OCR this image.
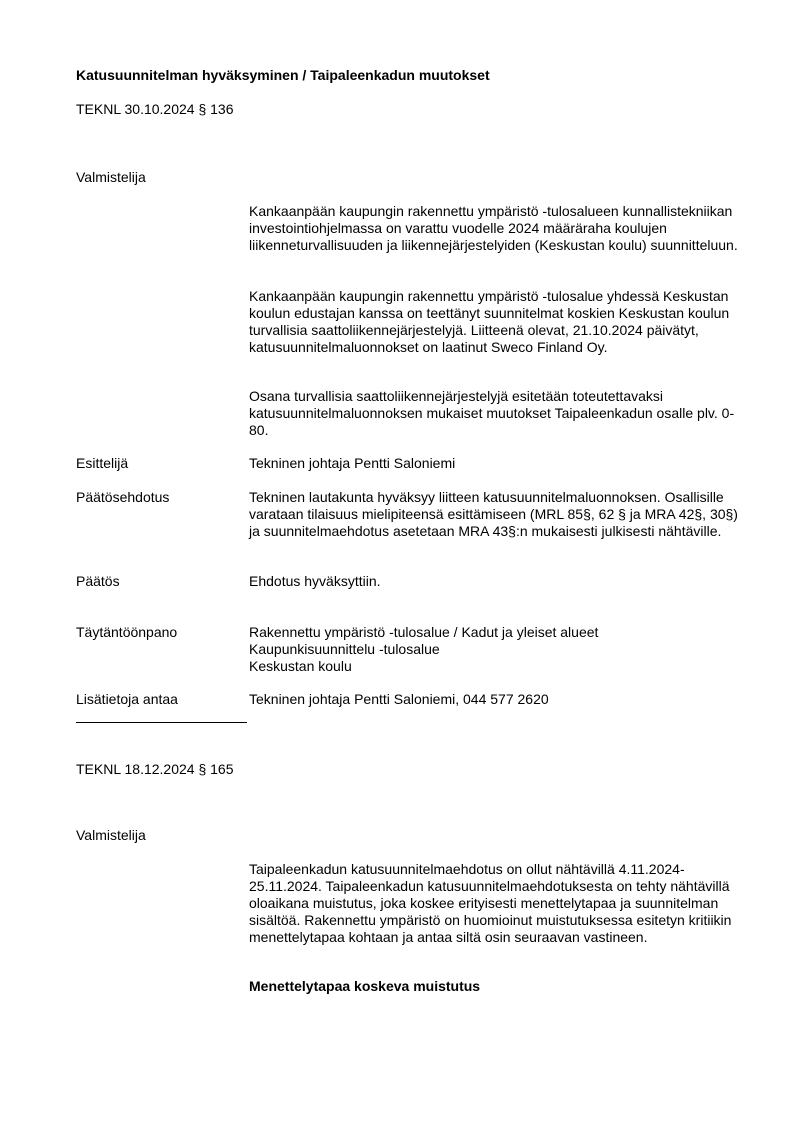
Katusuunnitelman hyväksyminen / Taipaleenkadun muutokset
TEKNL 30.10.2024 § 136
Valmistelija

Kankaanpään kaupungin rakennettu ympäristö -tulosalueen kunnallistekniikan investointiohjelmassa on varattu vuodelle 2024 määräraha koulujen liikenneturvallisuuden ja liikennejärjestelyiden (Keskustan koulu) suunnitteluun.

Kankaanpään kaupungin rakennettu ympäristö -tulosalue yhdessä Keskustan koulun edustajan kanssa on teettänyt suunnitelmat koskien Keskustan koulun turvallisia saattoliikennejärjestelyjä. Liitteenä olevat, 21.10.2024 päivätyt, katusuunnitelmaluonnokset on laatinut Sweco Finland Oy.

Osana turvallisia saattoliikennejärjestelyjä esitetään toteutettavaksi katusuunnitelmaluonnoksen mukaiset muutokset Taipaleenkadun osalle plv. 0-80.

Esittelijä	Tekninen johtaja Pentti Saloniemi
Päätösehdotus	Tekninen lautakunta hyväksyy liitteen katusuunnitelmaluonnoksen. Osallisille varataan tilaisuus mielipiteensä esittämiseen (MRL 85§, 62 § ja MRA 42§, 30§) ja suunnitelmaehdotus asetetaan MRA 43§:n mukaisesti julkisesti nähtäville.
Päätös	Ehdotus hyväksyttiin.
Täytäntöönpano	Rakennettu ympäristö -tulosalue / Kadut ja yleiset alueet
Kaupunkisuunnittelu -tulosalue
Keskustan koulu
Lisätietoja antaa	Tekninen johtaja Pentti Saloniemi, 044 577 2620
TEKNL 18.12.2024 § 165
Valmistelija

Taipaleenkadun katusuunnitelmaehdotus on ollut nähtävillä 4.11.2024-25.11.2024. Taipaleenkadun katusuunnitelmaehdotuksesta on tehty nähtävillä oloaikana muistutus, joka koskee erityisesti menettelytapaa ja suunnitelman sisältöä. Rakennettu ympäristö on huomioinut muistutuksessa esitetyn kritiikin menettelytapaa kohtaan ja antaa siltä osin seuraavan vastineen.

Menettelytapaa koskeva muistutus
